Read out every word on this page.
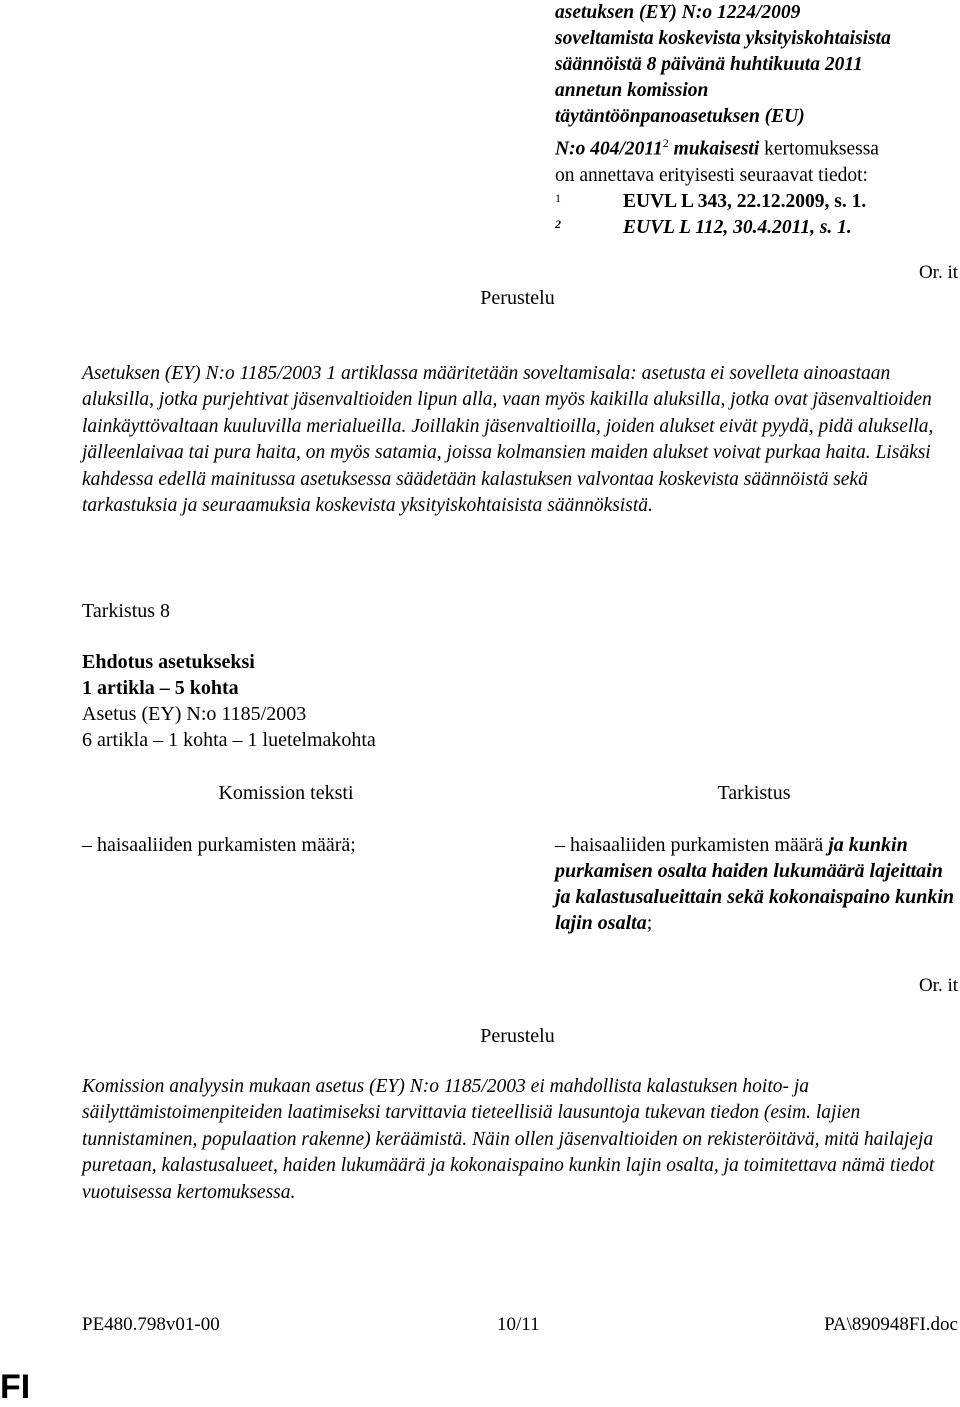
asetuksen (EY) N:o 1224/2009

soveltamista koskevista yksityiskohtaisista

säännöistä 8 päivänä huhtikuuta 2011

annetun komission

täytäntöönpanoasetuksen (EU)

N:o 404/2011$^2$ mukaisesti kertomuksessa

on annettava erityisesti seuraavat tiedot:

1	EUVL L 343, 22.12.2009, s. 1.
2	EUVL L 112, 30.4.2011, s. 1.
Or. it
Perustelu

Asetuksen (EY) N:o 1185/2003 1 artiklassa määritetään soveltamisala: asetusta ei sovelleta ainoastaan aluksilla, jotka purjehtivat jäsenvaltioiden lipun alla, vaan myös kaikilla aluksilla, jotka ovat jäsenvaltioiden lainkäyttövaltaan kuuluvilla merialueilla. Joillakin jäsenvaltioilla, joiden alukset eivät pyydä, pidä aluksella, jälleenlaivaa tai pura haita, on myös satamia, joissa kolmansien maiden alukset voivat purkaa haita. Lisäksi kahdessa edellä mainitussa asetuksessa säädetään kalastuksen valvontaa koskevista säännöistä sekä tarkastuksia ja seuraamuksia koskevista yksityiskohtaisista säännöksistä.

Tarkistus 8
Ehdotus asetukseksi
1 artikla – 5 kohta
Asetus (EY) N:o 1185/2003
6 artikla – 1 kohta – 1 luetelmakohta
Komission teksti	Tarkistus
– haisaaliiden purkamisten määrä;	– haisaaliiden purkamisten määrä ja kunkin purkamisen osalta haiden lukumäärä lajeittain ja kalastusalueittain sekä kokonaispaino kunkin lajin osalta;
Or. it
Perustelu

Komission analyysin mukaan asetus (EY) N:o 1185/2003 ei mahdollista kalastuksen hoito- ja säilyttämistoimenpiteiden laatimiseksi tarvittavia tieteellisiä lausuntoja tukevan tiedon (esim. lajien tunnistaminen, populaation rakenne) keräämistä. Näin ollen jäsenvaltioiden on rekisteröitävä, mitä hailajeja puretaan, kalastusalueet, haiden lukumäärä ja kokonaispaino kunkin lajin osalta, ja toimitettava nämä tiedot vuotuisessa kertomuksessa.

PE480.798v01-00	10/11	PA\890948FI.doc
FI
